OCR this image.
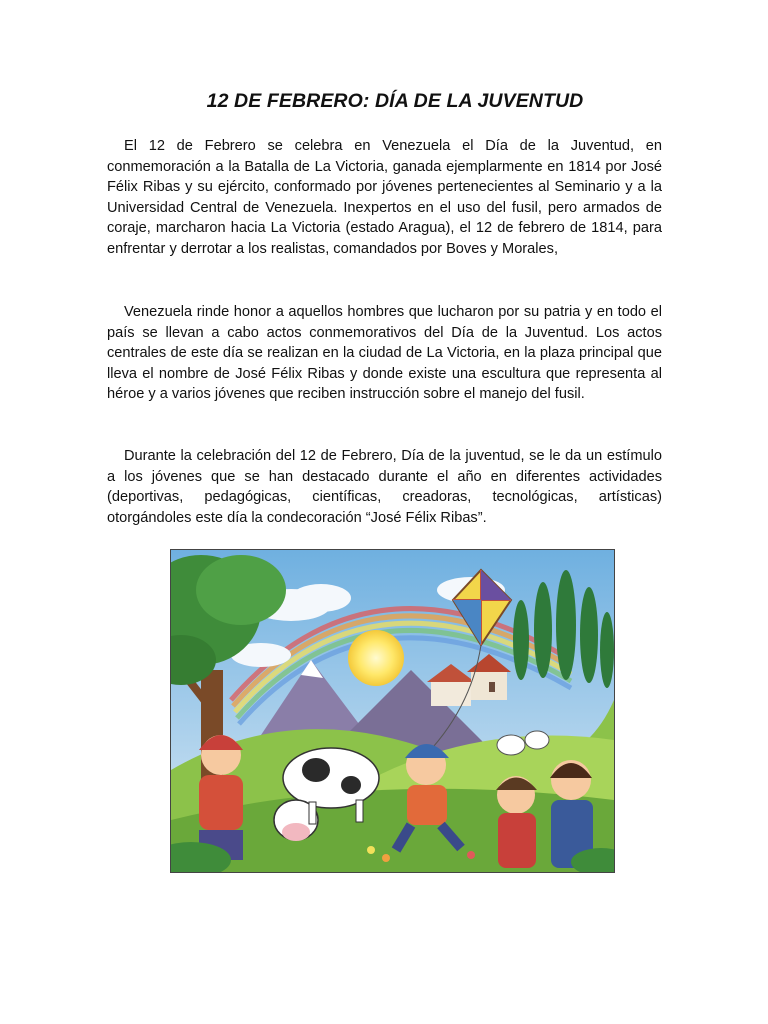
12 DE FEBRERO: DÍA DE LA JUVENTUD

El 12 de Febrero se celebra en Venezuela el Día de la Juventud, en conmemoración a la Batalla de La Victoria, ganada ejemplarmente en 1814 por José Félix Ribas y su ejército, conformado por jóvenes pertenecientes al Seminario y a la Universidad Central de Venezuela. Inexpertos en el uso del fusil, pero armados de coraje, marcharon hacia La Victoria (estado Aragua), el 12 de febrero de 1814, para enfrentar y derrotar a los realistas, comandados por Boves y Morales,

Venezuela rinde honor a aquellos hombres que lucharon por su patria y en todo el país se llevan a cabo actos conmemorativos del Día de la Juventud. Los actos centrales de este día se realizan en la ciudad de La Victoria, en la plaza principal que lleva el nombre de José Félix Ribas y donde existe una escultura que representa al héroe y a varios jóvenes que reciben instrucción sobre el manejo del fusil.

Durante la celebración del 12 de Febrero, Día de la juventud, se le da un estímulo a los jóvenes que se han destacado durante el año en diferentes actividades (deportivas, pedagógicas, científicas, creadoras, tecnológicas, artísticas) otorgándoles este día la condecoración “José Félix Ribas”.
